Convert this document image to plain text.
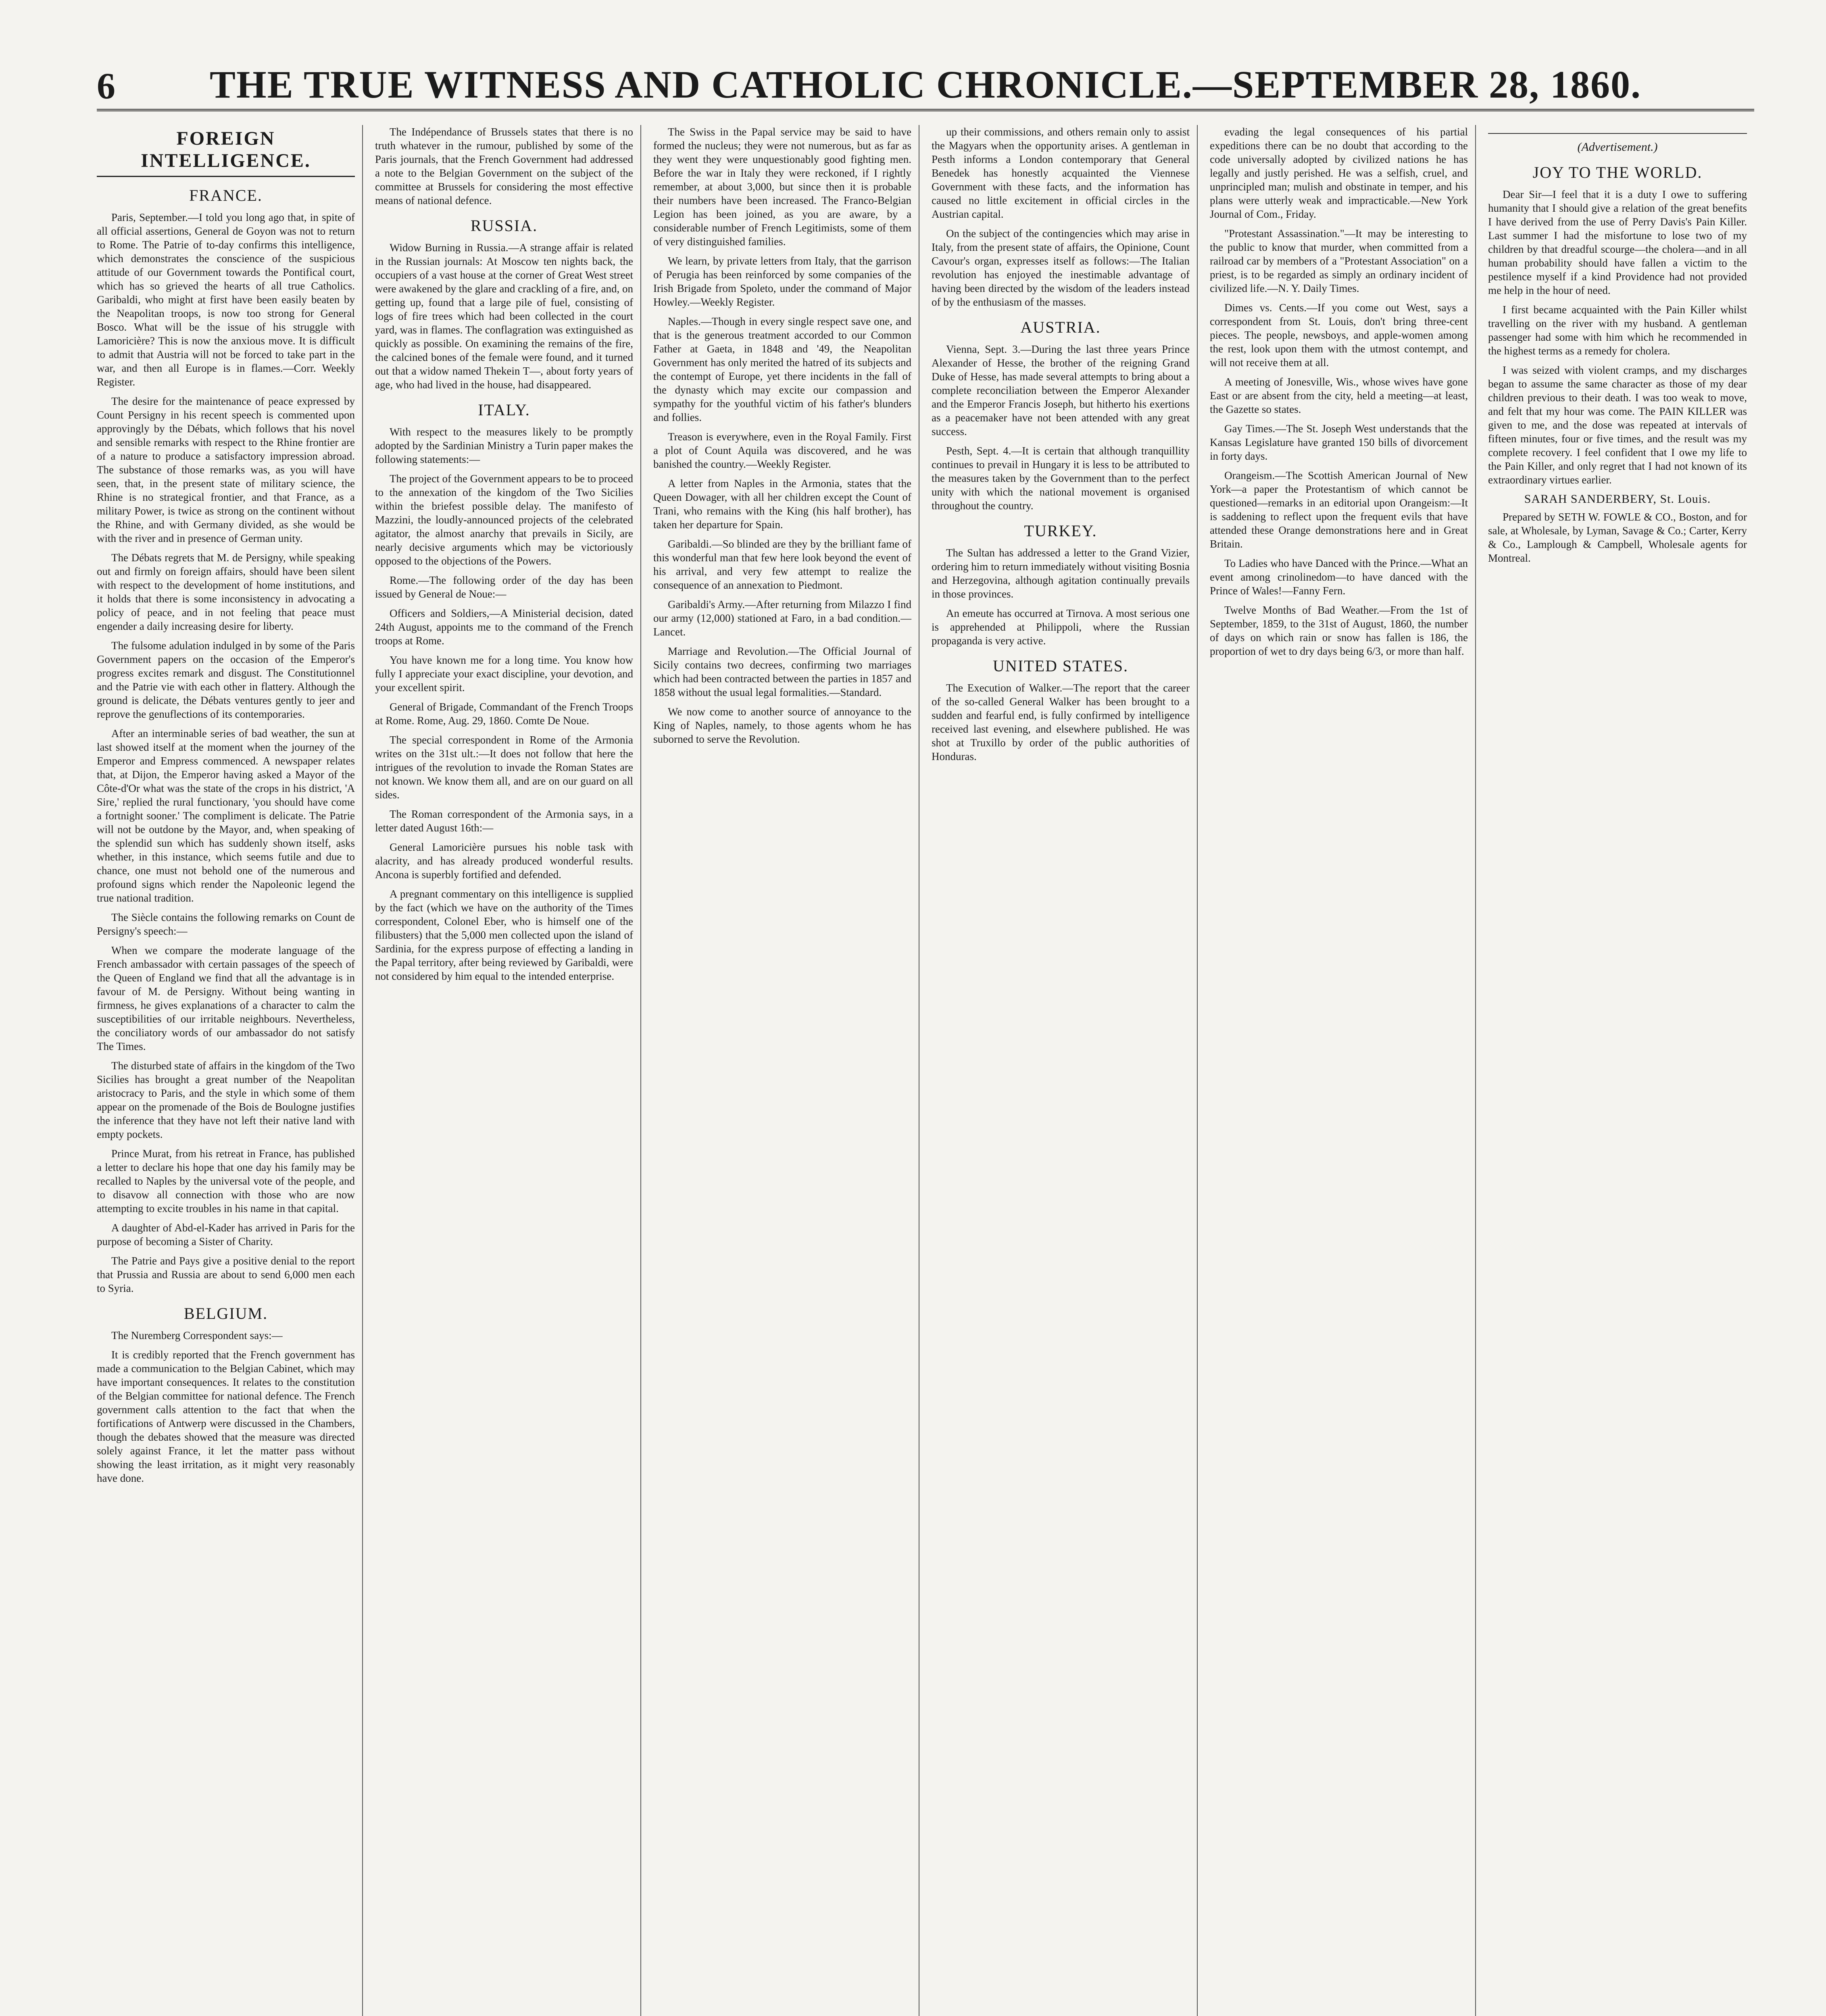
6	THE TRUE WITNESS AND CATHOLIC CHRONICLE.—SEPTEMBER 28, 1860.
FOREIGN INTELLIGENCE.
FRANCE.

Paris, September.—I told you long ago that, in spite of all official assertions, General de Goyon was not to return to Rome. The Patrie of to-day confirms this intelligence, which demonstrates the conscience of the suspicious attitude of our Government towards the Pontifical court, which has so grieved the hearts of all true Catholics. Garibaldi, who might at first have been easily beaten by the Neapolitan troops, is now too strong for General Bosco. What will be the issue of his struggle with Lamoricière? This is now the anxious move. It is difficult to admit that Austria will not be forced to take part in the war, and then all Europe is in flames.—Corr. Weekly Register.

The desire for the maintenance of peace expressed by Count Persigny in his recent speech is commented upon approvingly by the Débats, which follows that his novel and sensible remarks with respect to the Rhine frontier are of a nature to produce a satisfactory impression abroad. The substance of those remarks was, as you will have seen, that, in the present state of military science, the Rhine is no strategical frontier, and that France, as a military Power, is twice as strong on the continent without the Rhine, and with Germany divided, as she would be with the river and in presence of German unity.

The Débats regrets that M. de Persigny, while speaking out and firmly on foreign affairs, should have been silent with respect to the development of home institutions, and it holds that there is some inconsistency in advocating a policy of peace, and in not feeling that peace must engender a daily increasing desire for liberty.

The fulsome adulation indulged in by some of the Paris Government papers on the occasion of the Emperor's progress excites remark and disgust. The Constitutionnel and the Patrie vie with each other in flattery. Although the ground is delicate, the Débats ventures gently to jeer and reprove the genuflections of its contemporaries.

After an interminable series of bad weather, the sun at last showed itself at the moment when the journey of the Emperor and Empress commenced. A newspaper relates that, at Dijon, the Emperor having asked a Mayor of the Côte-d'Or what was the state of the crops in his district, 'A Sire,' replied the rural functionary, 'you should have come a fortnight sooner.' The compliment is delicate. The Patrie will not be outdone by the Mayor, and, when speaking of the splendid sun which has suddenly shown itself, asks whether, in this instance, which seems futile and due to chance, one must not behold one of the numerous and profound signs which render the Napoleonic legend the true national tradition.

The Siècle contains the following remarks on Count de Persigny's speech:—

When we compare the moderate language of the French ambassador with certain passages of the speech of the Queen of England we find that all the advantage is in favour of M. de Persigny. Without being wanting in firmness, he gives explanations of a character to calm the susceptibilities of our irritable neighbours. Nevertheless, the conciliatory words of our ambassador do not satisfy The Times.

The disturbed state of affairs in the kingdom of the Two Sicilies has brought a great number of the Neapolitan aristocracy to Paris, and the style in which some of them appear on the promenade of the Bois de Boulogne justifies the inference that they have not left their native land with empty pockets.

Prince Murat, from his retreat in France, has published a letter to declare his hope that one day his family may be recalled to Naples by the universal vote of the people, and to disavow all connection with those who are now attempting to excite troubles in his name in that capital.

A daughter of Abd-el-Kader has arrived in Paris for the purpose of becoming a Sister of Charity.

The Patrie and Pays give a positive denial to the report that Prussia and Russia are about to send 6,000 men each to Syria.

BELGIUM.

The Nuremberg Correspondent says:—

It is credibly reported that the French government has made a communication to the Belgian Cabinet, which may have important consequences. It relates to the constitution of the Belgian committee for national defence. The French government calls attention to the fact that when the fortifications of Antwerp were discussed in the Chambers, though the debates showed that the measure was directed solely against France, it let the matter pass without showing the least irritation, as it might very reasonably have done.

The Indépendance of Brussels states that there is no truth whatever in the rumour, published by some of the Paris journals, that the French Government had addressed a note to the Belgian Government on the subject of the committee at Brussels for considering the most effective means of national defence.

RUSSIA.

Widow Burning in Russia.—A strange affair is related in the Russian journals: At Moscow ten nights back, the occupiers of a vast house at the corner of Great West street were awakened by the glare and crackling of a fire, and, on getting up, found that a large pile of fuel, consisting of logs of fire trees which had been collected in the court yard, was in flames. The conflagration was extinguished as quickly as possible. On examining the remains of the fire, the calcined bones of the female were found, and it turned out that a widow named Thekein T—, about forty years of age, who had lived in the house, had disappeared.

ITALY.

With respect to the measures likely to be promptly adopted by the Sardinian Ministry a Turin paper makes the following statements:—

The project of the Government appears to be to proceed to the annexation of the kingdom of the Two Sicilies within the briefest possible delay. The manifesto of Mazzini, the loudly-announced projects of the celebrated agitator, the almost anarchy that prevails in Sicily, are nearly decisive arguments which may be victoriously opposed to the objections of the Powers.

Rome.—The following order of the day has been issued by General de Noue:—

Officers and Soldiers,—A Ministerial decision, dated 24th August, appoints me to the command of the French troops at Rome.

You have known me for a long time. You know how fully I appreciate your exact discipline, your devotion, and your excellent spirit.

General of Brigade, Commandant of the French Troops at Rome. Rome, Aug. 29, 1860. Comte De Noue.

The special correspondent in Rome of the Armonia writes on the 31st ult.:—It does not follow that here the intrigues of the revolution to invade the Roman States are not known. We know them all, and are on our guard on all sides.

The Roman correspondent of the Armonia says, in a letter dated August 16th:—

General Lamoricière pursues his noble task with alacrity, and has already produced wonderful results. Ancona is superbly fortified and defended.

A pregnant commentary on this intelligence is supplied by the fact (which we have on the authority of the Times correspondent, Colonel Eber, who is himself one of the filibusters) that the 5,000 men collected upon the island of Sardinia, for the express purpose of effecting a landing in the Papal territory, after being reviewed by Garibaldi, were not considered by him equal to the intended enterprise.

The Swiss in the Papal service may be said to have formed the nucleus; they were not numerous, but as far as they went they were unquestionably good fighting men. Before the war in Italy they were reckoned, if I rightly remember, at about 3,000, but since then it is probable their numbers have been increased. The Franco-Belgian Legion has been joined, as you are aware, by a considerable number of French Legitimists, some of them of very distinguished families.

We learn, by private letters from Italy, that the garrison of Perugia has been reinforced by some companies of the Irish Brigade from Spoleto, under the command of Major Howley.—Weekly Register.

Naples.—Though in every single respect save one, and that is the generous treatment accorded to our Common Father at Gaeta, in 1848 and '49, the Neapolitan Government has only merited the hatred of its subjects and the contempt of Europe, yet there incidents in the fall of the dynasty which may excite our compassion and sympathy for the youthful victim of his father's blunders and follies.

Treason is everywhere, even in the Royal Family. First a plot of Count Aquila was discovered, and he was banished the country.—Weekly Register.

A letter from Naples in the Armonia, states that the Queen Dowager, with all her children except the Count of Trani, who remains with the King (his half brother), has taken her departure for Spain.

Garibaldi.—So blinded are they by the brilliant fame of this wonderful man that few here look beyond the event of his arrival, and very few attempt to realize the consequence of an annexation to Piedmont.

Garibaldi's Army.—After returning from Milazzo I find our army (12,000) stationed at Faro, in a bad condition.—Lancet.

Marriage and Revolution.—The Official Journal of Sicily contains two decrees, confirming two marriages which had been contracted between the parties in 1857 and 1858 without the usual legal formalities.—Standard.

We now come to another source of annoyance to the King of Naples, namely, to those agents whom he has suborned to serve the Revolution.

up their commissions, and others remain only to assist the Magyars when the opportunity arises. A gentleman in Pesth informs a London contemporary that General Benedek has honestly acquainted the Viennese Government with these facts, and the information has caused no little excitement in official circles in the Austrian capital.

On the subject of the contingencies which may arise in Italy, from the present state of affairs, the Opinione, Count Cavour's organ, expresses itself as follows:—The Italian revolution has enjoyed the inestimable advantage of having been directed by the wisdom of the leaders instead of by the enthusiasm of the masses.

AUSTRIA.

Vienna, Sept. 3.—During the last three years Prince Alexander of Hesse, the brother of the reigning Grand Duke of Hesse, has made several attempts to bring about a complete reconciliation between the Emperor Alexander and the Emperor Francis Joseph, but hitherto his exertions as a peacemaker have not been attended with any great success.

Pesth, Sept. 4.—It is certain that although tranquillity continues to prevail in Hungary it is less to be attributed to the measures taken by the Government than to the perfect unity with which the national movement is organised throughout the country.

TURKEY.

The Sultan has addressed a letter to the Grand Vizier, ordering him to return immediately without visiting Bosnia and Herzegovina, although agitation continually prevails in those provinces.

An emeute has occurred at Tirnova. A most serious one is apprehended at Philippoli, where the Russian propaganda is very active.

UNITED STATES.

The Execution of Walker.—The report that the career of the so-called General Walker has been brought to a sudden and fearful end, is fully confirmed by intelligence received last evening, and elsewhere published. He was shot at Truxillo by order of the public authorities of Honduras.

evading the legal consequences of his partial expeditions there can be no doubt that according to the code universally adopted by civilized nations he has legally and justly perished. He was a selfish, cruel, and unprincipled man; mulish and obstinate in temper, and his plans were utterly weak and impracticable.—New York Journal of Com., Friday.

"Protestant Assassination."—It may be interesting to the public to know that murder, when committed from a railroad car by members of a "Protestant Association" on a priest, is to be regarded as simply an ordinary incident of civilized life.—N. Y. Daily Times.

Dimes vs. Cents.—If you come out West, says a correspondent from St. Louis, don't bring three-cent pieces. The people, newsboys, and apple-women among the rest, look upon them with the utmost contempt, and will not receive them at all.

A meeting of Jonesville, Wis., whose wives have gone East or are absent from the city, held a meeting—at least, the Gazette so states.

Gay Times.—The St. Joseph West understands that the Kansas Legislature have granted 150 bills of divorcement in forty days.

Orangeism.—The Scottish American Journal of New York—a paper the Protestantism of which cannot be questioned—remarks in an editorial upon Orangeism:—It is saddening to reflect upon the frequent evils that have attended these Orange demonstrations here and in Great Britain.

To Ladies who have Danced with the Prince.—What an event among crinolinedom—to have danced with the Prince of Wales!—Fanny Fern.

Twelve Months of Bad Weather.—From the 1st of September, 1859, to the 31st of August, 1860, the number of days on which rain or snow has fallen is 186, the proportion of wet to dry days being 6/3, or more than half.

(Advertisement.)
JOY TO THE WORLD.

Dear Sir—I feel that it is a duty I owe to suffering humanity that I should give a relation of the great benefits I have derived from the use of Perry Davis's Pain Killer. Last summer I had the misfortune to lose two of my children by that dreadful scourge—the cholera—and in all human probability should have fallen a victim to the pestilence myself if a kind Providence had not provided me help in the hour of need.

I first became acquainted with the Pain Killer whilst travelling on the river with my husband. A gentleman passenger had some with him which he recommended in the highest terms as a remedy for cholera.

I was seized with violent cramps, and my discharges began to assume the same character as those of my dear children previous to their death. I was too weak to move, and felt that my hour was come. The PAIN KILLER was given to me, and the dose was repeated at intervals of fifteen minutes, four or five times, and the result was my complete recovery. I feel confident that I owe my life to the Pain Killer, and only regret that I had not known of its extraordinary virtues earlier.

SARAH SANDERBERY, St. Louis.

Prepared by SETH W. FOWLE & CO., Boston, and for sale, at Wholesale, by Lyman, Savage & Co.; Carter, Kerry & Co., Lamplough & Campbell, Wholesale agents for Montreal.
